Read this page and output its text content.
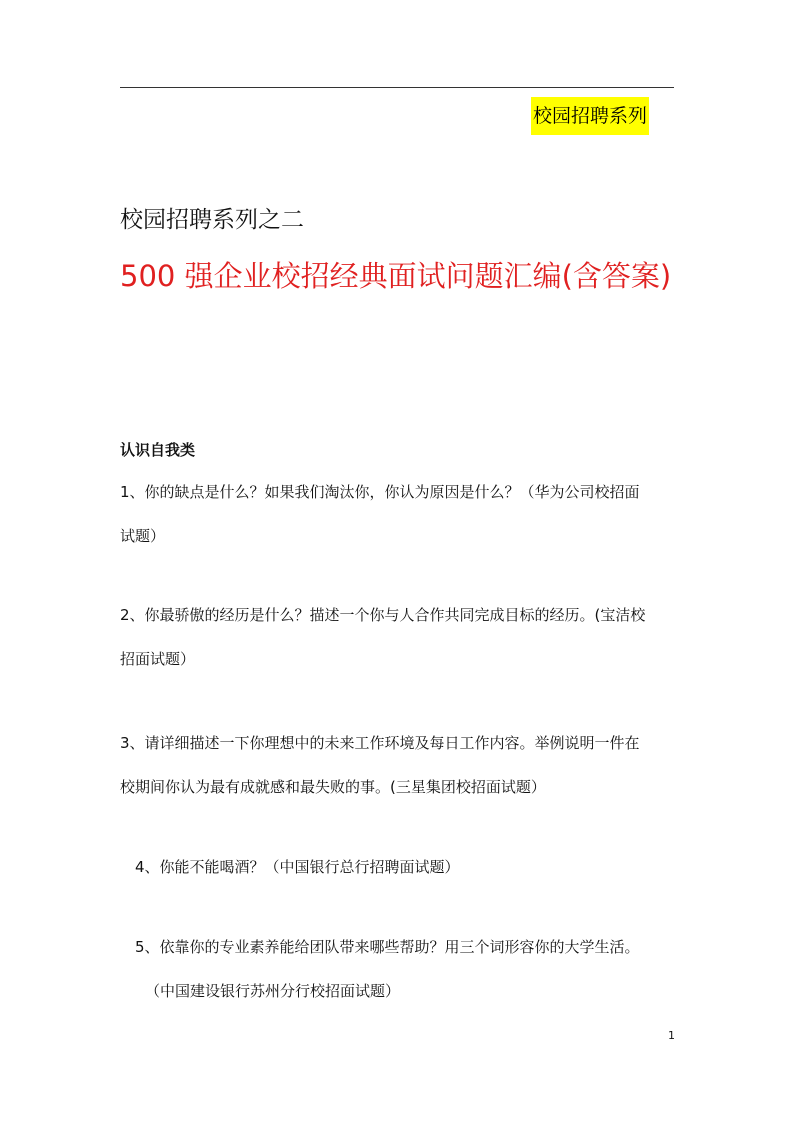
校园招聘系列
校园招聘系列之二
500 强企业校招经典面试问题汇编(含答案)
认识自我类
1、你的缺点是什么？如果我们淘汰你，你认为原因是什么？（华为公司校招面
试题）
2、你最骄傲的经历是什么？描述一个你与人合作共同完成目标的经历。(宝洁校
招面试题）
3、请详细描述一下你理想中的未来工作环境及每日工作内容。举例说明一件在
校期间你认为最有成就感和最失败的事。(三星集团校招面试题）
4、你能不能喝酒？（中国银行总行招聘面试题）
5、依靠你的专业素养能给团队带来哪些帮助？用三个词形容你的大学生活。
（中国建设银行苏州分行校招面试题）
1
